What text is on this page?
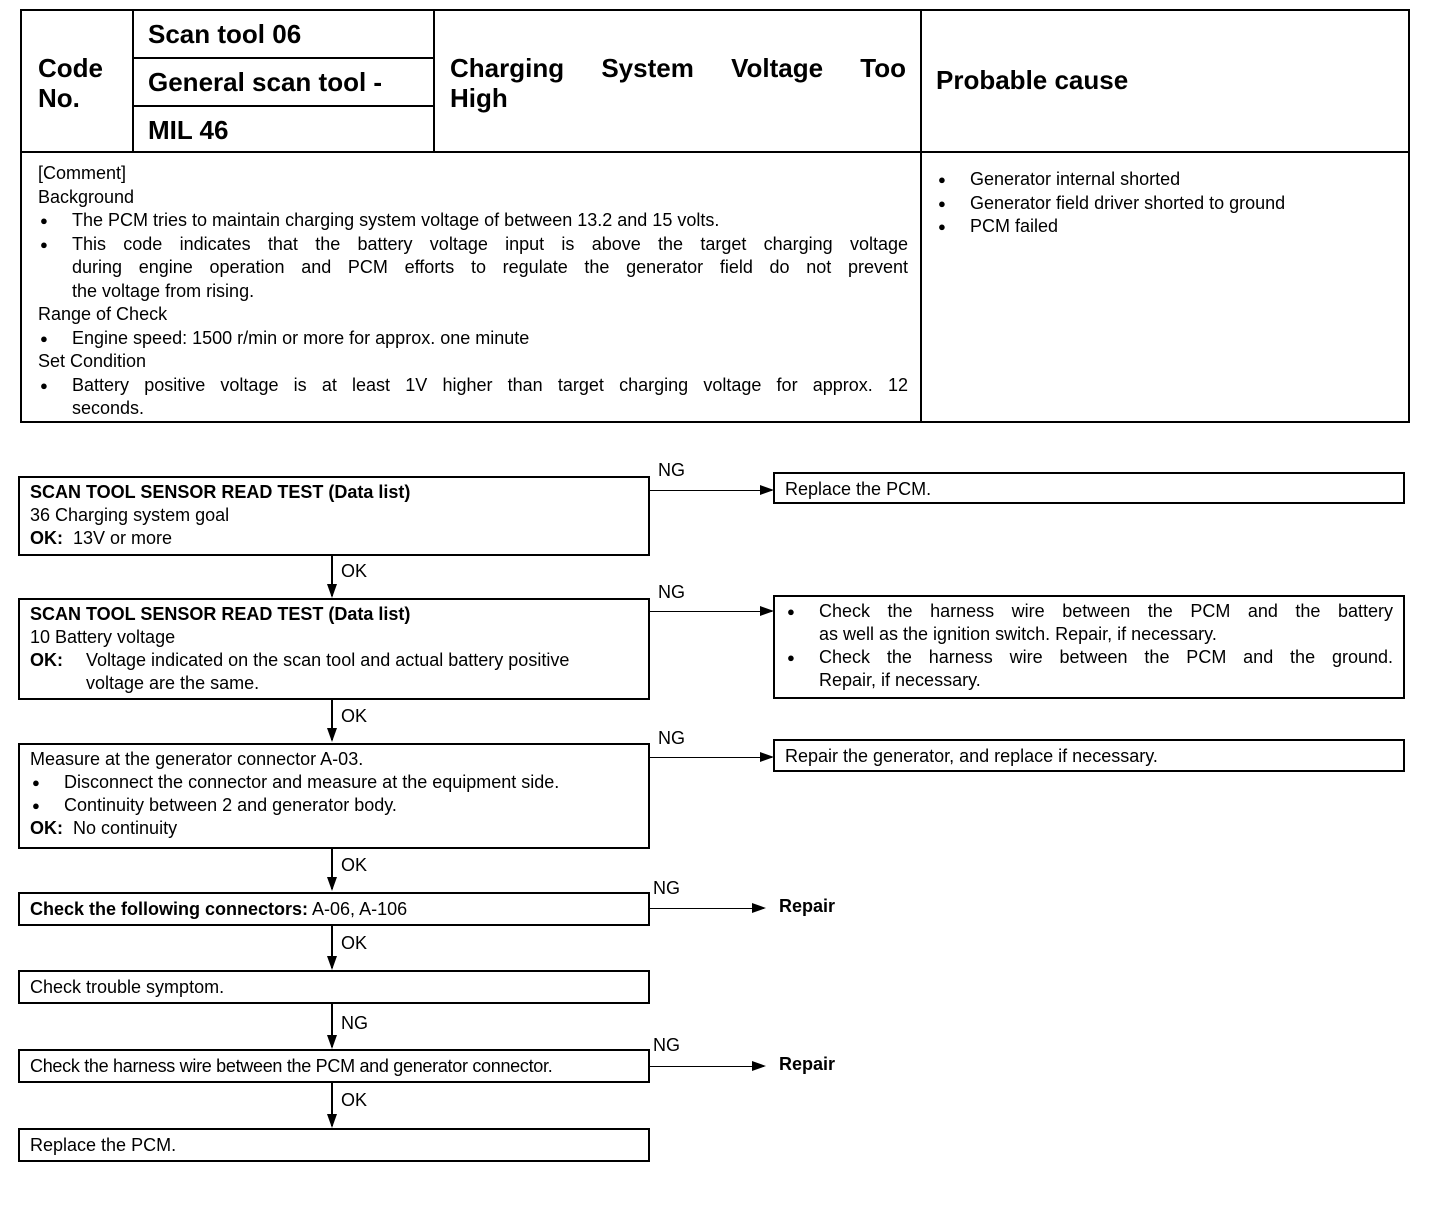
Code
No.
Scan tool 06
General scan tool -
MIL 46
Charging System Voltage Too
High
Probable cause
[Comment]
Background
● The PCM tries to maintain charging system voltage of between 13.2 and 15 volts.
● This code indicates that the battery voltage input is above the target charging voltage
during engine operation and PCM efforts to regulate the generator field do not prevent
the voltage from rising.
Range of Check
● Engine speed: 1500 r/min or more for approx. one minute
Set Condition
● Battery positive voltage is at least 1V higher than target charging voltage for approx. 12
seconds.
● Generator internal shorted
● Generator field driver shorted to ground
● PCM failed
SCAN TOOL SENSOR READ TEST (Data list)
36 Charging system goal
OK: 13V or more
NG
Replace the PCM.
OK
SCAN TOOL SENSOR READ TEST (Data list)
10 Battery voltage
OK: Voltage indicated on the scan tool and actual battery positive
voltage are the same.
NG
● Check the harness wire between the PCM and the battery
as well as the ignition switch. Repair, if necessary.
● Check the harness wire between the PCM and the ground.
Repair, if necessary.
OK
Measure at the generator connector A-03.
● Disconnect the connector and measure at the equipment side.
● Continuity between 2 and generator body.
OK: No continuity
NG
Repair the generator, and replace if necessary.
OK
Check the following connectors: A-06, A-106
NG
Repair
OK
Check trouble symptom.
NG
Check the harness wire between the PCM and generator connector.
NG
Repair
OK
Replace the PCM.
